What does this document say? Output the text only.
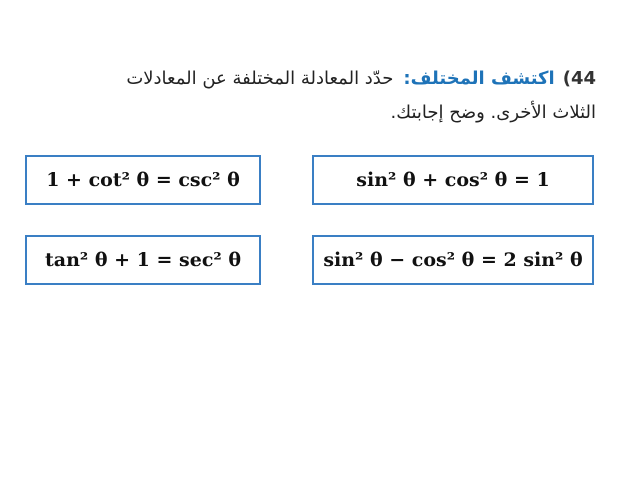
44)اكتشف المختلف:حدّد المعادلة المختلفة عن المعادلات
الثلاث الأخرى. وضح إجابتك.
1 + cot² θ = csc² θ	sin² θ + cos² θ = 1
tan² θ + 1 = sec² θ	sin² θ − cos² θ = 2 sin² θ
